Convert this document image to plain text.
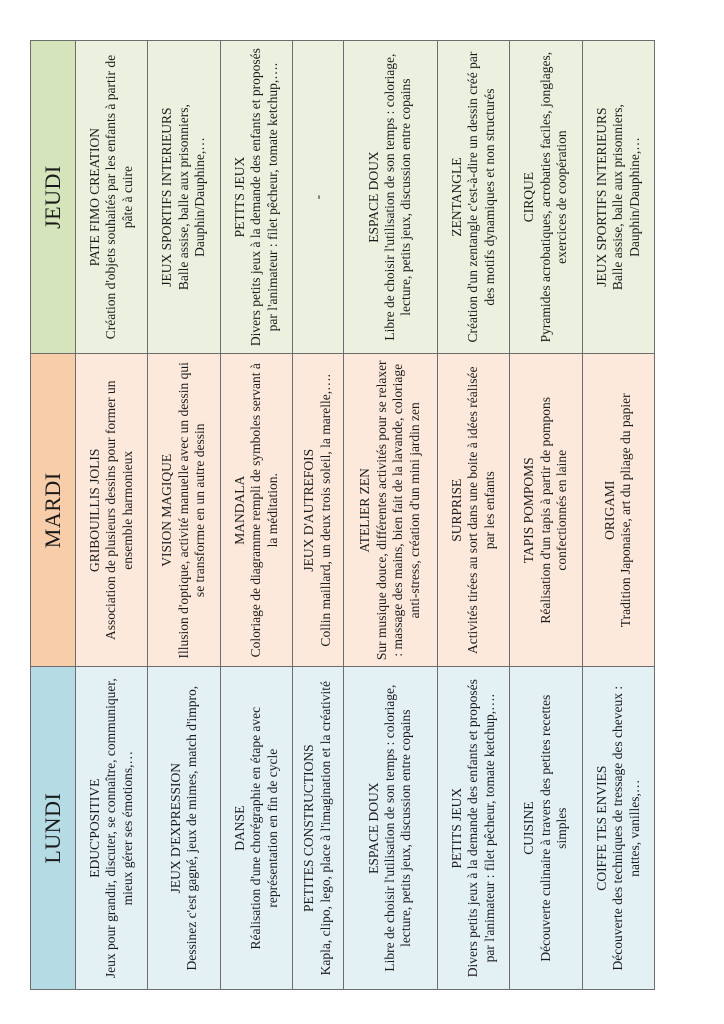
LUNDI	MARDI	JEUDI

EDUC'POSITIVE Jeux pour grandir, discuter, se connaître, communiquer, mieux gérer ses émotions,…	GRIBOUILLIS JOLIS Association de plusieurs dessins pour former un ensemble harmonieux	PATE FIMO CREATION Création d'objets souhaités par les enfants à partir de pâte à cuire

JEUX D'EXPRESSION Dessinez c'est gagné, jeux de mimes, match d'impro,	VISION MAGIQUE Illusion d'optique, activité manuelle avec un dessin qui se transforme en un autre dessin	JEUX SPORTIFS INTERIEURS Balle assise, balle aux prisonniers, Dauphin/Dauphine,…

DANSE Réalisation d'une chorégraphie en étape avec représentation en fin de cycle	MANDALA Coloriage de diagramme rempli de symboles servant à la méditation.	PETITS JEUX Divers petits jeux à la demande des enfants et proposés par l'animateur : filet pêcheur, tomate ketchup,….

PETITES CONSTRUCTIONS Kapla, clipo, lego, place à l'imagination et la créativité	JEUX D'AUTREFOIS Collin maillard, un deux trois soleil, la marelle,….	-

ESPACE DOUX Libre de choisir l'utilisation de son temps : coloriage, lecture, petits jeux, discussion entre copains	ATELIER ZEN Sur musique douce, différentes activités pour se relaxer : massage des mains, bien fait de la lavande, coloriage anti-stress, création d'un mini jardin zen	ESPACE DOUX Libre de choisir l'utilisation de son temps : coloriage, lecture, petits jeux, discussion entre copains

PETITS JEUX Divers petits jeux à la demande des enfants et proposés par l'animateur : filet pêcheur, tomate ketchup,….	SURPRISE Activités tirées au sort dans une boite à idées réalisée par les enfants	ZENTANGLE Création d'un zentangle c'est-à-dire un dessin créé par des motifs dynamiques et non structurés

CUISINE Découverte culinaire à travers des petites recettes simples	TAPIS POMPOMS Réalisation d'un tapis à partir de pompons confectionnés en laine	CIRQUE Pyramides acrobatiques, acrobaties faciles, jonglages, exercices de coopération

COIFFE TES ENVIES Découverte des techniques de tressage des cheveux : nattes, vanilles,…	ORIGAMI Tradition Japonaise, art du pliage du papier	JEUX SPORTIFS INTERIEURS Balle assise, balle aux prisonniers, Dauphin/Dauphine,…
